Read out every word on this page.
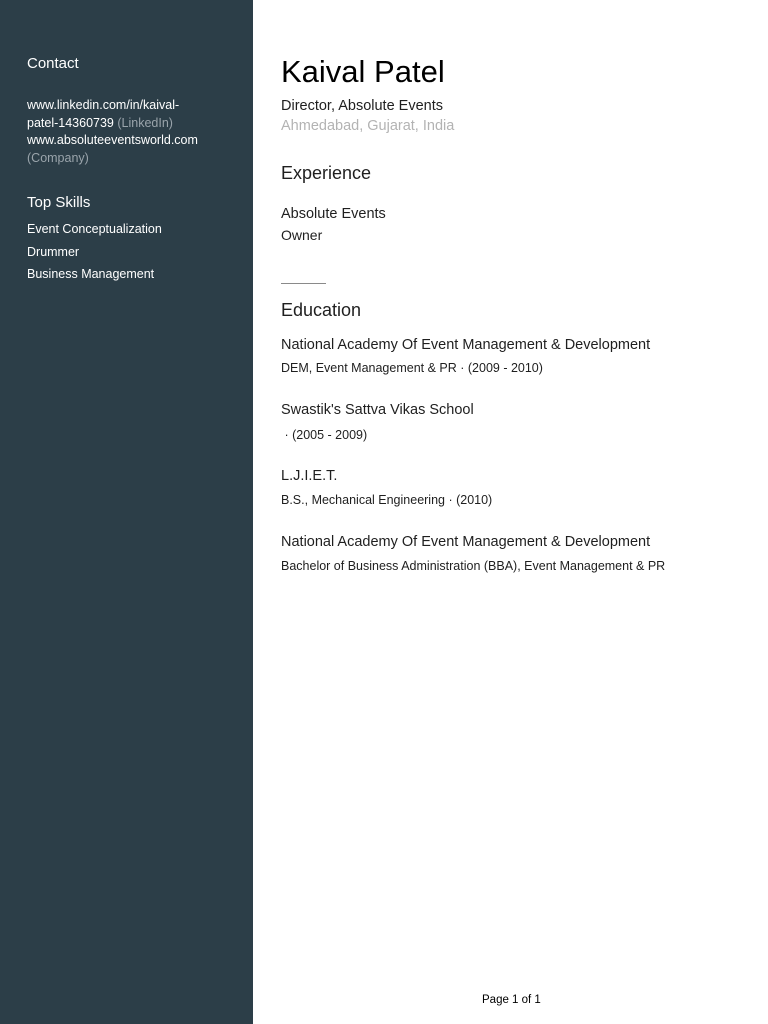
Contact
www.linkedin.com/in/kaival-
patel-14360739 (LinkedIn)
www.absoluteeventsworld.com
(Company)
Top Skills
Event Conceptualization
Drummer
Business Management
Kaival Patel
Director, Absolute Events
Ahmedabad, Gujarat, India
Experience
Absolute Events
Owner
Education
National Academy Of Event Management & Development
DEM, Event Management & PR · (2009 - 2010)
Swastik's Sattva Vikas School
· (2005 - 2009)
L.J.I.E.T.
B.S., Mechanical Engineering · (2010)
National Academy Of Event Management & Development
Bachelor of Business Administration (BBA), Event Management & PR
Page 1 of 1
